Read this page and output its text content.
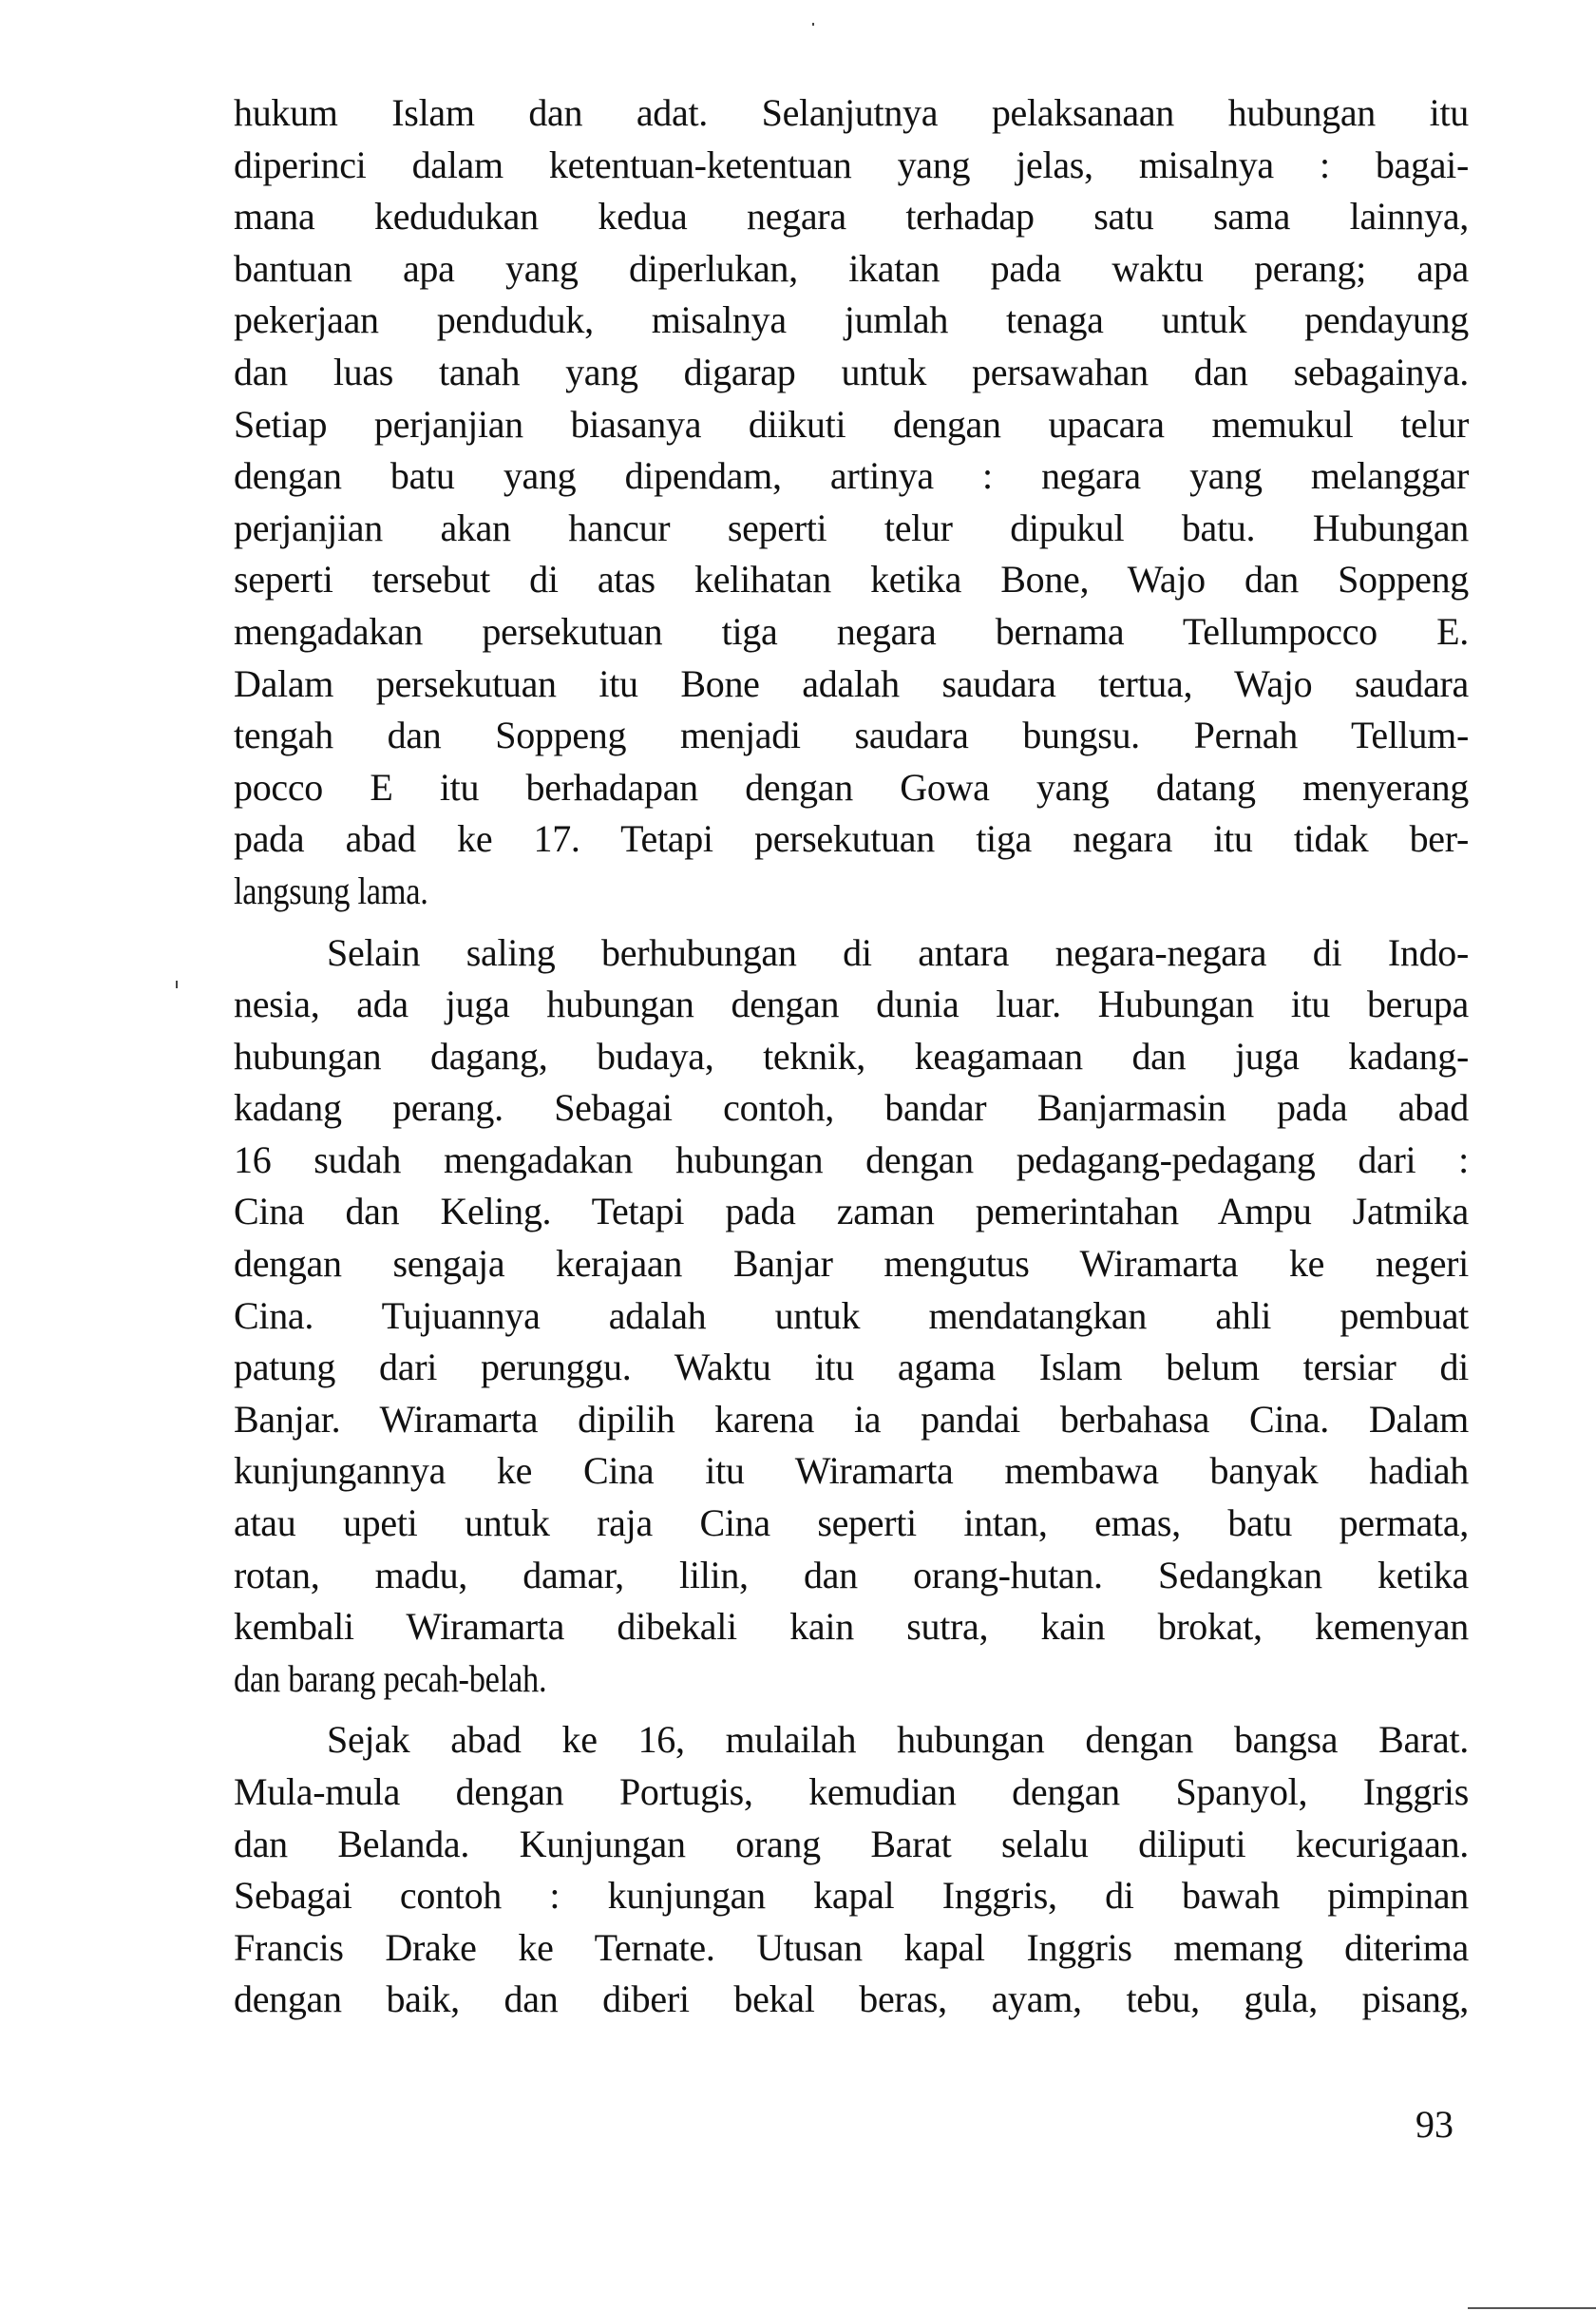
hukum Islam dan adat. Selanjutnya pelaksanaan hubungan itu
diperinci dalam ketentuan-ketentuan yang jelas, misalnya : bagai-
mana kedudukan kedua negara terhadap satu sama lainnya,
bantuan apa yang diperlukan, ikatan pada waktu perang; apa
pekerjaan penduduk, misalnya jumlah tenaga untuk pendayung
dan luas tanah yang digarap untuk persawahan dan sebagainya.
Setiap perjanjian biasanya diikuti dengan upacara memukul telur
dengan batu yang dipendam, artinya : negara yang melanggar
perjanjian akan hancur seperti telur dipukul batu. Hubungan
seperti tersebut di atas kelihatan ketika Bone, Wajo dan Soppeng
mengadakan persekutuan tiga negara bernama Tellumpocco E.
Dalam persekutuan itu Bone adalah saudara tertua, Wajo saudara
tengah dan Soppeng menjadi saudara bungsu. Pernah Tellum-
pocco E itu berhadapan dengan Gowa yang datang menyerang
pada abad ke 17. Tetapi persekutuan tiga negara itu tidak ber-
langsung lama.
Selain saling berhubungan di antara negara-negara di Indo-
nesia, ada juga hubungan dengan dunia luar. Hubungan itu berupa
hubungan dagang, budaya, teknik, keagamaan dan juga kadang-
kadang perang. Sebagai contoh, bandar Banjarmasin pada abad
16 sudah mengadakan hubungan dengan pedagang-pedagang dari :
Cina dan Keling. Tetapi pada zaman pemerintahan Ampu Jatmika
dengan sengaja kerajaan Banjar mengutus Wiramarta ke negeri
Cina. Tujuannya adalah untuk mendatangkan ahli pembuat
patung dari perunggu. Waktu itu agama Islam belum tersiar di
Banjar. Wiramarta dipilih karena ia pandai berbahasa Cina. Dalam
kunjungannya ke Cina itu Wiramarta membawa banyak hadiah
atau upeti untuk raja Cina seperti intan, emas, batu permata,
rotan, madu, damar, lilin, dan orang-hutan. Sedangkan ketika
kembali Wiramarta dibekali kain sutra, kain brokat, kemenyan
dan barang pecah-belah.
Sejak abad ke 16, mulailah hubungan dengan bangsa Barat.
Mula-mula dengan Portugis, kemudian dengan Spanyol, Inggris
dan Belanda. Kunjungan orang Barat selalu diliputi kecurigaan.
Sebagai contoh : kunjungan kapal Inggris, di bawah pimpinan
Francis Drake ke Ternate. Utusan kapal Inggris memang diterima
dengan baik, dan diberi bekal beras, ayam, tebu, gula, pisang,
93
